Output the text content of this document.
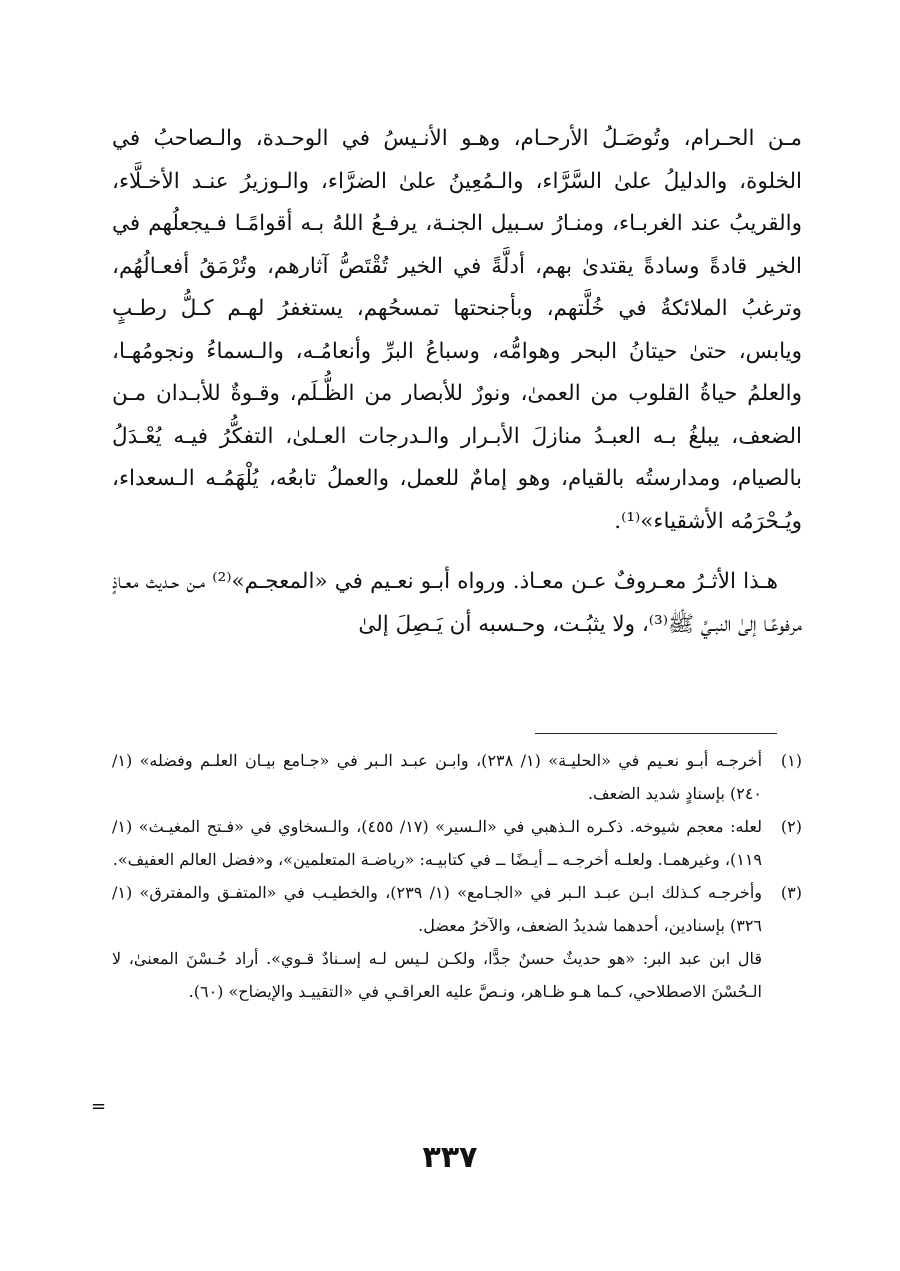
مـن الحـرام، وتُوصَـلُ الأرحـام، وهـو الأنـيسُ في الوحـدة، والـصاحبُ في الخلوة، والدليلُ علىٰ السَّرَّاء، والـمُعِينُ علىٰ الضرَّاء، والـوزيرُ عنـد الأخـلَّاء، والقريبُ عند الغربـاء، ومنـارُ سـبيل الجنـة، يرفـعُ اللهُ بـه أقوامًـا فـيجعلُهم في الخير قادةً وسادةً يقتدىٰ بهم، أدلَّةً في الخير تُقْتَصُّ آثارهم، وتُرْمَقُ أفعـالُهُم، وترغبُ الملائكةُ في خُلَّتهم، وبأجنحتها تمسحُهم، يستغفرُ لهـم كـلُّ رطـبٍ ويابس، حتىٰ حيتانُ البحر وهوامُّه، وسباعُ البرِّ وأنعامُـه، والـسماءُ ونجومُهـا، والعلمُ حياةُ القلوب من العمىٰ، ونورٌ للأبصار من الظُّـلَم، وقـوةٌ للأبـدان مـن الضعف، يبلغُ بـه العبـدُ منازلَ الأبـرار والـدرجات العـلىٰ، التفكُّرُ فيـه يُعْـدَلُ بالصيام، ومدارستُه بالقيام، وهو إمامٌ للعمل، والعملُ تابعُه، يُلْهَمُـه الـسعداء، ويُـحْرَمُه الأشقياء»⁽¹⁾.

هـذا الأثـرُ معـروفٌ عـن معـاذ. ورواه أبـو نعـيم في «المعجـم»⁽²⁾ مـن حـديث معـاذٍ مرفوعًـا إلىٰ النبـيِّ ﷺ⁽³⁾، ولا يثبُـت، وحـسبه أن يَـصِلَ إلىٰ

(١)
أخرجـه أبـو نعـيم في «الحليـة» (١/ ٢٣٨)، وابـن عبـد الـبر في «جـامع بيـان العلـم وفضله» (١/ ٢٤٠) بإسنادٍ شديد الضعف.
(٢)
لعله: معجم شيوخه. ذكـره الـذهبي في «الـسير» (١٧/ ٤٥٥)، والـسخاوي في «فـتح المغيـث» (١/ ١١٩)، وغيرهمـا. ولعلـه أخرجـه ــ أيـضًا ــ في كتابيـه: «رياضـة المتعلمين»، و«فضل العالم العفيف».
(٣)
وأخرجـه كـذلك ابـن عبـد الـبر في «الجـامع» (١/ ٢٣٩)، والخطيـب في «المتفـق والمفترق» (١/ ٣٢٦) بإسنادين، أحدهما شديدُ الضعف، والآخرُ معضل.
قال ابن عبد البر: «هو حديثٌ حسنٌ جدًّا، ولكـن لـيس لـه إسـنادٌ قـوي». أراد حُـسْنَ المعنىٰ، لا الـحُسْنَ الاصطلاحي، كـما هـو ظـاهر، ونـصَّ عليه العراقـي في «التقييـد والإيضاح» (٦٠).
=
٣٣٧
